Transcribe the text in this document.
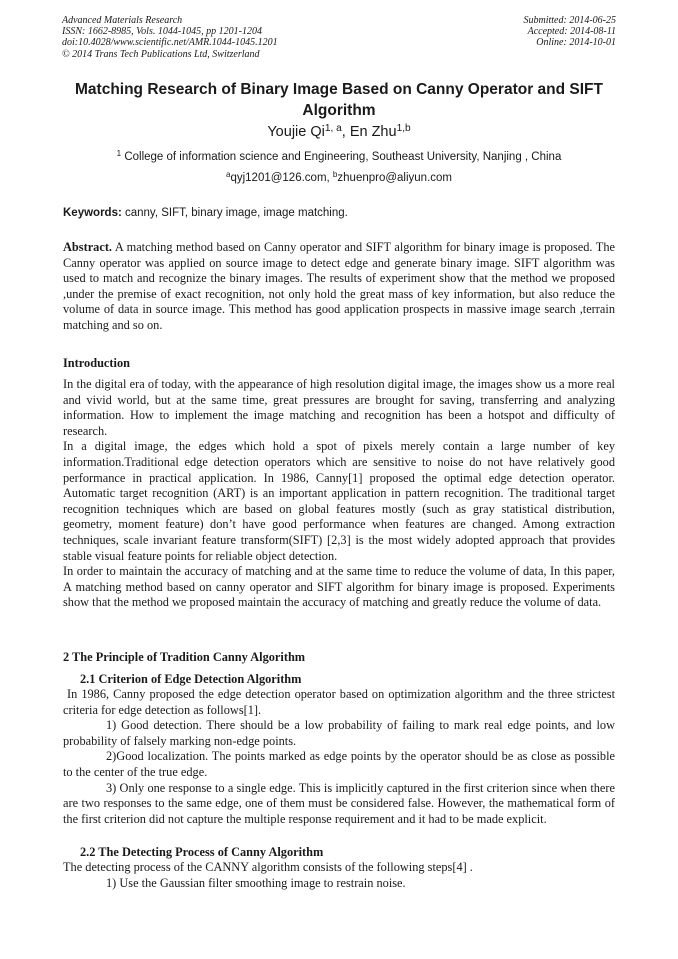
Advanced Materials Research
ISSN: 1662-8985, Vols. 1044-1045, pp 1201-1204
doi:10.4028/www.scientific.net/AMR.1044-1045.1201
© 2014 Trans Tech Publications Ltd, Switzerland
Submitted: 2014-06-25
Accepted: 2014-08-11
Online: 2014-10-01
Matching Research of Binary Image Based on Canny Operator and SIFT Algorithm
Youjie Qi$^{1, a}$, En Zhu$^{1,b}$
$^1$ College of information science and Engineering, Southeast University, Nanjing , China
$^a$qyj1201@126.com, $^b$zhuenpro@aliyun.com
Keywords: canny, SIFT, binary image, image matching.

Abstract. A matching method based on Canny operator and SIFT algorithm for binary image is proposed. The Canny operator was applied on source image to detect edge and generate binary image. SIFT algorithm was used to match and recognize the binary images. The results of experiment show that the method we proposed ,under the premise of exact recognition, not only hold the great mass of key information, but also reduce the volume of data in source image. This method has good application prospects in massive image search ,terrain matching and so on.

Introduction

In the digital era of today, with the appearance of high resolution digital image, the images show us a more real and vivid world, but at the same time, great pressures are brought for saving, transferring and analyzing information. How to implement the image matching and recognition has been a hotspot and difficulty of research.

In a digital image, the edges which hold a spot of pixels merely contain a large number of key information.Traditional edge detection operators which are sensitive to noise do not have relatively good performance in practical application. In 1986, Canny[1] proposed the optimal edge detection operator. Automatic target recognition (ART) is an important application in pattern recognition. The traditional target recognition techniques which are based on global features mostly (such as gray statistical distribution, geometry, moment feature) don’t have good performance when features are changed. Among extraction techniques, scale invariant feature transform(SIFT) [2,3] is the most widely adopted approach that provides stable visual feature points for reliable object detection.

In order to maintain the accuracy of matching and at the same time to reduce the volume of data, In this paper, A matching method based on canny operator and SIFT algorithm for binary image is proposed. Experiments show that the method we proposed maintain the accuracy of matching and greatly reduce the volume of data.

2 The Principle of Tradition Canny Algorithm
2.1 Criterion of Edge Detection Algorithm

In 1986, Canny proposed the edge detection operator based on optimization algorithm and the three strictest criteria for edge detection as follows[1].

1) Good detection. There should be a low probability of failing to mark real edge points, and low probability of falsely marking non-edge points.

2)Good localization. The points marked as edge points by the operator should be as close as possible to the center of the true edge.

3) Only one response to a single edge. This is implicitly captured in the first criterion since when there are two responses to the same edge, one of them must be considered false. However, the mathematical form of the first criterion did not capture the multiple response requirement and it had to be made explicit.

2.2 The Detecting Process of Canny Algorithm

The detecting process of the CANNY algorithm consists of the following steps[4] .

1) Use the Gaussian filter smoothing image to restrain noise.
